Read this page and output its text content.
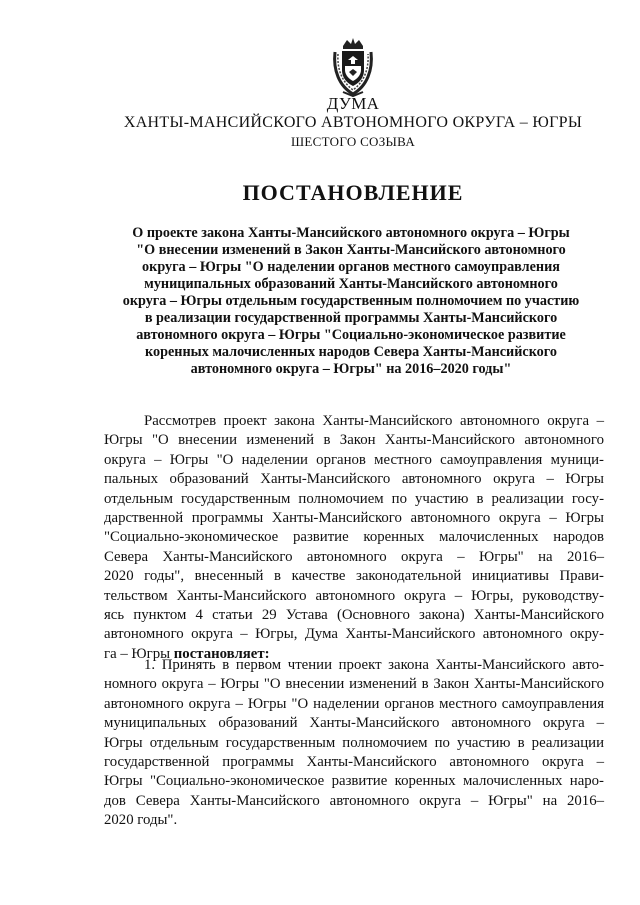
ДУМА
ХАНТЫ-МАНСИЙСКОГО АВТОНОМНОГО ОКРУГА – ЮГРЫ
ШЕСТОГО СОЗЫВА
ПОСТАНОВЛЕНИЕ
О проекте закона Ханты-Мансийского автономного округа – Югры
"О внесении изменений в Закон Ханты-Мансийского автономного
округа – Югры "О наделении органов местного самоуправления
муниципальных образований Ханты-Мансийского автономного
округа – Югры отдельным государственным полномочием по участию
в реализации государственной программы Ханты-Мансийского
автономного округа – Югры "Социально-экономическое развитие
коренных малочисленных народов Севера Ханты-Мансийского
автономного округа – Югры" на 2016–2020 годы"
Рассмотрев проект закона Ханты-Мансийского автономного округа –
Югры "О внесении изменений в Закон Ханты-Мансийского автономного
округа – Югры "О наделении органов местного самоуправления муници-
пальных образований Ханты-Мансийского автономного округа – Югры
отдельным государственным полномочием по участию в реализации госу-
дарственной программы Ханты-Мансийского автономного округа – Югры
"Социально-экономическое развитие коренных малочисленных народов
Севера Ханты-Мансийского автономного округа – Югры" на 2016–
2020 годы", внесенный в качестве законодательной инициативы Прави-
тельством Ханты-Мансийского автономного округа – Югры, руководству-
ясь пунктом 4 статьи 29 Устава (Основного закона) Ханты-Мансийского
автономного округа – Югры, Дума Ханты-Мансийского автономного окру-
га – Югры постановляет:
1. Принять в первом чтении проект закона Ханты-Мансийского авто-
номного округа – Югры "О внесении изменений в Закон Ханты-Мансийского
автономного округа – Югры "О наделении органов местного самоуправления
муниципальных образований Ханты-Мансийского автономного округа –
Югры отдельным государственным полномочием по участию в реализации
государственной программы Ханты-Мансийского автономного округа –
Югры "Социально-экономическое развитие коренных малочисленных наро-
дов Севера Ханты-Мансийского автономного округа – Югры" на 2016–
2020 годы".
